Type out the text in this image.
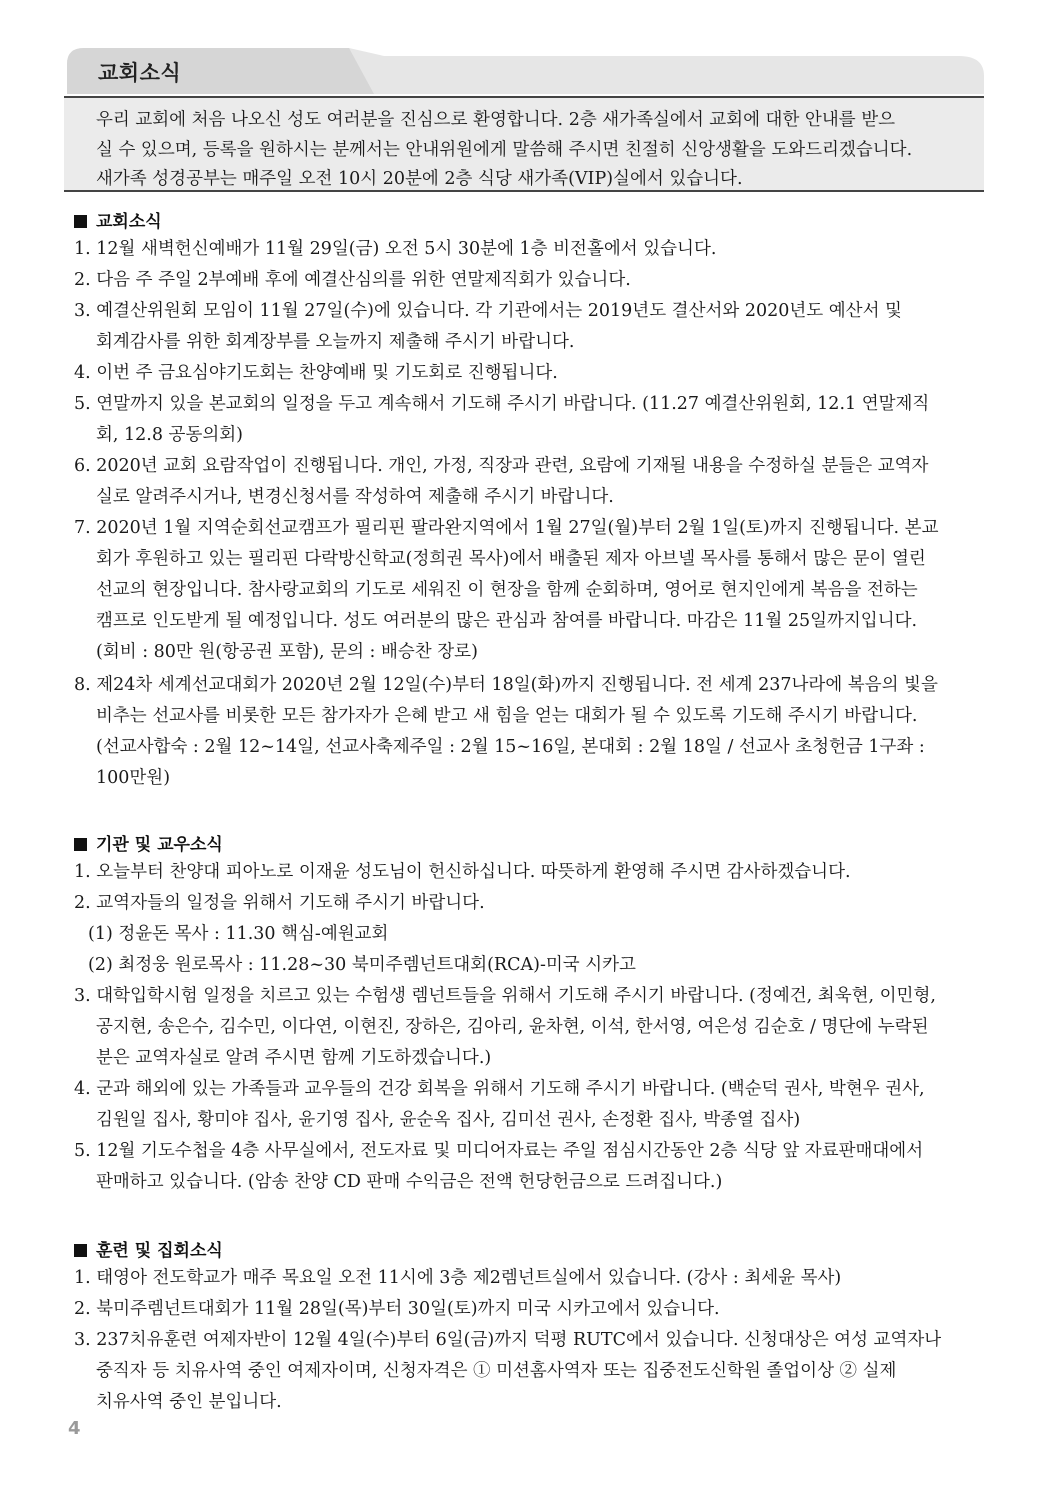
교회소식
우리 교회에 처음 나오신 성도 여러분을 진심으로 환영합니다. 2층 새가족실에서 교회에 대한 안내를 받으
실 수 있으며, 등록을 원하시는 분께서는 안내위원에게 말씀해 주시면 친절히 신앙생활을 도와드리겠습니다.
새가족 성경공부는 매주일 오전 10시 20분에 2층 식당 새가족(VIP)실에서 있습니다.
교회소식
1. 12월 새벽헌신예배가 11월 29일(금) 오전 5시 30분에 1층 비전홀에서 있습니다.
2. 다음 주 주일 2부예배 후에 예결산심의를 위한 연말제직회가 있습니다.
3. 예결산위원회 모임이 11월 27일(수)에 있습니다. 각 기관에서는 2019년도 결산서와 2020년도 예산서 및
회계감사를 위한 회계장부를 오늘까지 제출해 주시기 바랍니다.
4. 이번 주 금요심야기도회는 찬양예배 및 기도회로 진행됩니다.
5. 연말까지 있을 본교회의 일정을 두고 계속해서 기도해 주시기 바랍니다. (11.27 예결산위원회, 12.1 연말제직
회, 12.8 공동의회)
6. 2020년 교회 요람작업이 진행됩니다. 개인, 가정, 직장과 관련, 요람에 기재될 내용을 수정하실 분들은 교역자
실로 알려주시거나, 변경신청서를 작성하여 제출해 주시기 바랍니다.
7. 2020년 1월 지역순회선교캠프가 필리핀 팔라완지역에서 1월 27일(월)부터 2월 1일(토)까지 진행됩니다. 본교
회가 후원하고 있는 필리핀 다락방신학교(정희권 목사)에서 배출된 제자 아브넬 목사를 통해서 많은 문이 열린
선교의 현장입니다. 참사랑교회의 기도로 세워진 이 현장을 함께 순회하며, 영어로 현지인에게 복음을 전하는
캠프로 인도받게 될 예정입니다. 성도 여러분의 많은 관심과 참여를 바랍니다. 마감은 11월 25일까지입니다.
(회비 : 80만 원(항공권 포함), 문의 : 배승찬 장로)
8. 제24차 세계선교대회가 2020년 2월 12일(수)부터 18일(화)까지 진행됩니다. 전 세계 237나라에 복음의 빛을
비추는 선교사를 비롯한 모든 참가자가 은혜 받고 새 힘을 얻는 대회가 될 수 있도록 기도해 주시기 바랍니다.
(선교사합숙 : 2월 12~14일, 선교사축제주일 : 2월 15~16일, 본대회 : 2월 18일 / 선교사 초청헌금 1구좌 :
100만원)
기관 및 교우소식
1. 오늘부터 찬양대 피아노로 이재윤 성도님이 헌신하십니다. 따뜻하게 환영해 주시면 감사하겠습니다.
2. 교역자들의 일정을 위해서 기도해 주시기 바랍니다.
(1) 정윤돈 목사 : 11.30 핵심-예원교회
(2) 최정웅 원로목사 : 11.28~30 북미주렘넌트대회(RCA)-미국 시카고
3. 대학입학시험 일정을 치르고 있는 수험생 렘넌트들을 위해서 기도해 주시기 바랍니다. (정예건, 최욱현, 이민형,
공지현, 송은수, 김수민, 이다연, 이현진, 장하은, 김아리, 윤차현, 이석, 한서영, 여은성 김순호 / 명단에 누락된
분은 교역자실로 알려 주시면 함께 기도하겠습니다.)
4. 군과 해외에 있는 가족들과 교우들의 건강 회복을 위해서 기도해 주시기 바랍니다. (백순덕 권사, 박현우 권사,
김원일 집사, 황미야 집사, 윤기영 집사, 윤순옥 집사, 김미선 권사, 손정환 집사, 박종열 집사)
5. 12월 기도수첩을 4층 사무실에서, 전도자료 및 미디어자료는 주일 점심시간동안 2층 식당 앞 자료판매대에서
판매하고 있습니다. (암송 찬양 CD 판매 수익금은 전액 헌당헌금으로 드려집니다.)
훈련 및 집회소식
1. 태영아 전도학교가 매주 목요일 오전 11시에 3층 제2렘넌트실에서 있습니다. (강사 : 최세윤 목사)
2. 북미주렘넌트대회가 11월 28일(목)부터 30일(토)까지 미국 시카고에서 있습니다.
3. 237치유훈련 여제자반이 12월 4일(수)부터 6일(금)까지 덕평 RUTC에서 있습니다. 신청대상은 여성 교역자나
중직자 등 치유사역 중인 여제자이며, 신청자격은 ① 미션홈사역자 또는 집중전도신학원 졸업이상 ② 실제
치유사역 중인 분입니다.
4
